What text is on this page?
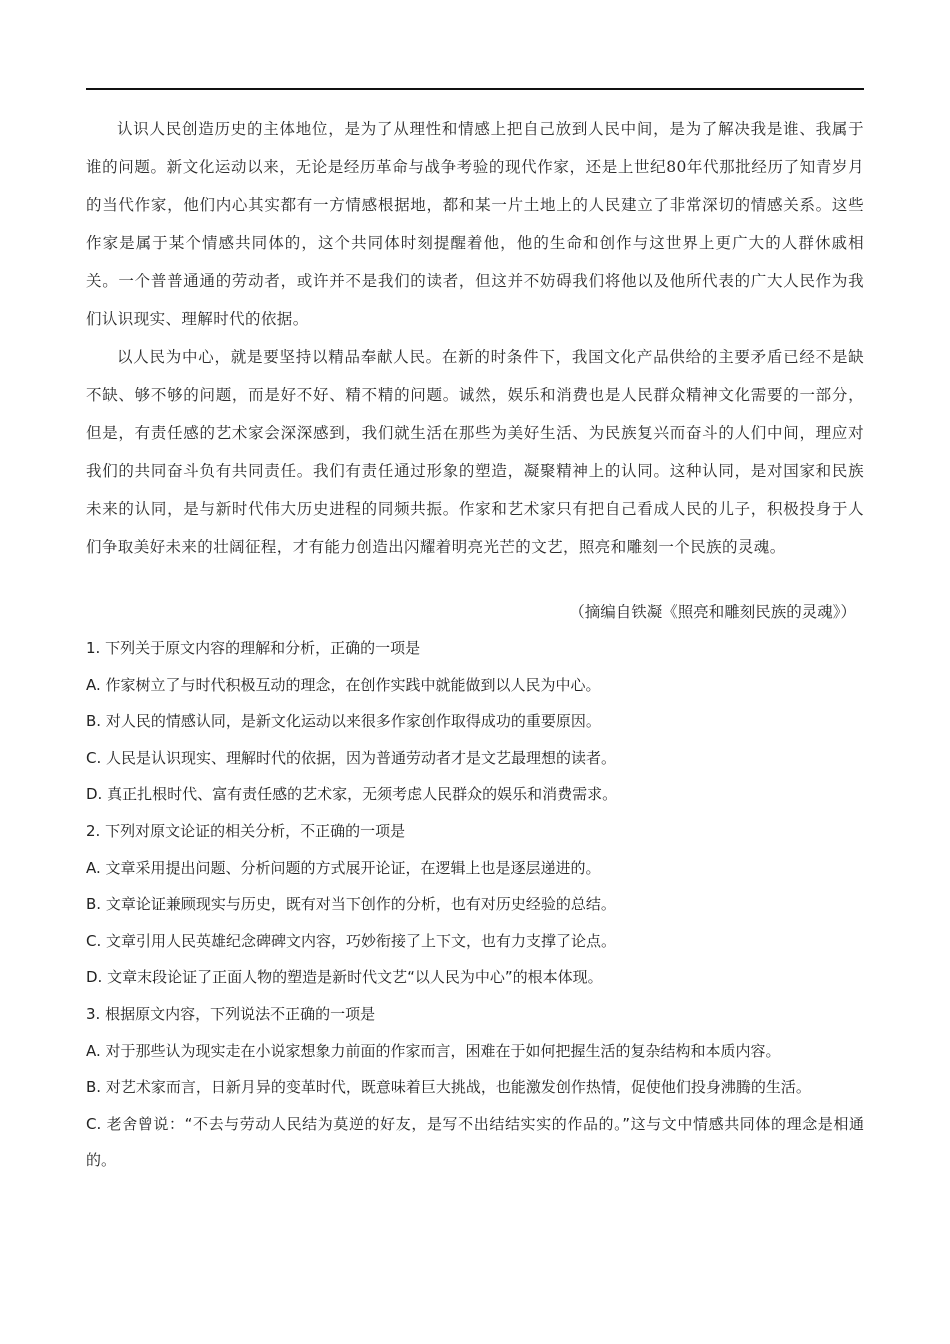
认识人民创造历史的主体地位，是为了从理性和情感上把自己放到人民中间，是为了解决我是谁、我属于谁的问题。新文化运动以来，无论是经历革命与战争考验的现代作家，还是上世纪80年代那批经历了知青岁月的当代作家，他们内心其实都有一方情感根据地，都和某一片土地上的人民建立了非常深切的情感关系。这些作家是属于某个情感共同体的，这个共同体时刻提醒着他，他的生命和创作与这世界上更广大的人群休戚相关。一个普普通通的劳动者，或许并不是我们的读者，但这并不妨碍我们将他以及他所代表的广大人民作为我们认识现实、理解时代的依据。

以人民为中心，就是要坚持以精品奉献人民。在新的时条件下，我国文化产品供给的主要矛盾已经不是缺不缺、够不够的问题，而是好不好、精不精的问题。诚然，娱乐和消费也是人民群众精神文化需要的一部分，但是，有责任感的艺术家会深深感到，我们就生活在那些为美好生活、为民族复兴而奋斗的人们中间，理应对我们的共同奋斗负有共同责任。我们有责任通过形象的塑造，凝聚精神上的认同。这种认同，是对国家和民族未来的认同，是与新时代伟大历史进程的同频共振。作家和艺术家只有把自己看成人民的儿子，积极投身于人们争取美好未来的壮阔征程，才有能力创造出闪耀着明亮光芒的文艺，照亮和雕刻一个民族的灵魂。

（摘编自铁凝《照亮和雕刻民族的灵魂》）

1. 下列关于原文内容的理解和分析，正确的一项是

A. 作家树立了与时代积极互动的理念，在创作实践中就能做到以人民为中心。

B. 对人民的情感认同，是新文化运动以来很多作家创作取得成功的重要原因。

C. 人民是认识现实、理解时代的依据，因为普通劳动者才是文艺最理想的读者。

D. 真正扎根时代、富有责任感的艺术家，无须考虑人民群众的娱乐和消费需求。

2. 下列对原文论证的相关分析，不正确的一项是

A. 文章采用提出问题、分析问题的方式展开论证，在逻辑上也是逐层递进的。

B. 文章论证兼顾现实与历史，既有对当下创作的分析，也有对历史经验的总结。

C. 文章引用人民英雄纪念碑碑文内容，巧妙衔接了上下文，也有力支撑了论点。

D. 文章末段论证了正面人物的塑造是新时代文艺“以人民为中心”的根本体现。

3. 根据原文内容，下列说法不正确的一项是

A. 对于那些认为现实走在小说家想象力前面的作家而言，困难在于如何把握生活的复杂结构和本质内容。

B. 对艺术家而言，日新月异的变革时代，既意味着巨大挑战，也能激发创作热情，促使他们投身沸腾的生活。

C. 老舍曾说：“不去与劳动人民结为莫逆的好友，是写不出结结实实的作品的。”这与文中情感共同体的理念是相通的。
